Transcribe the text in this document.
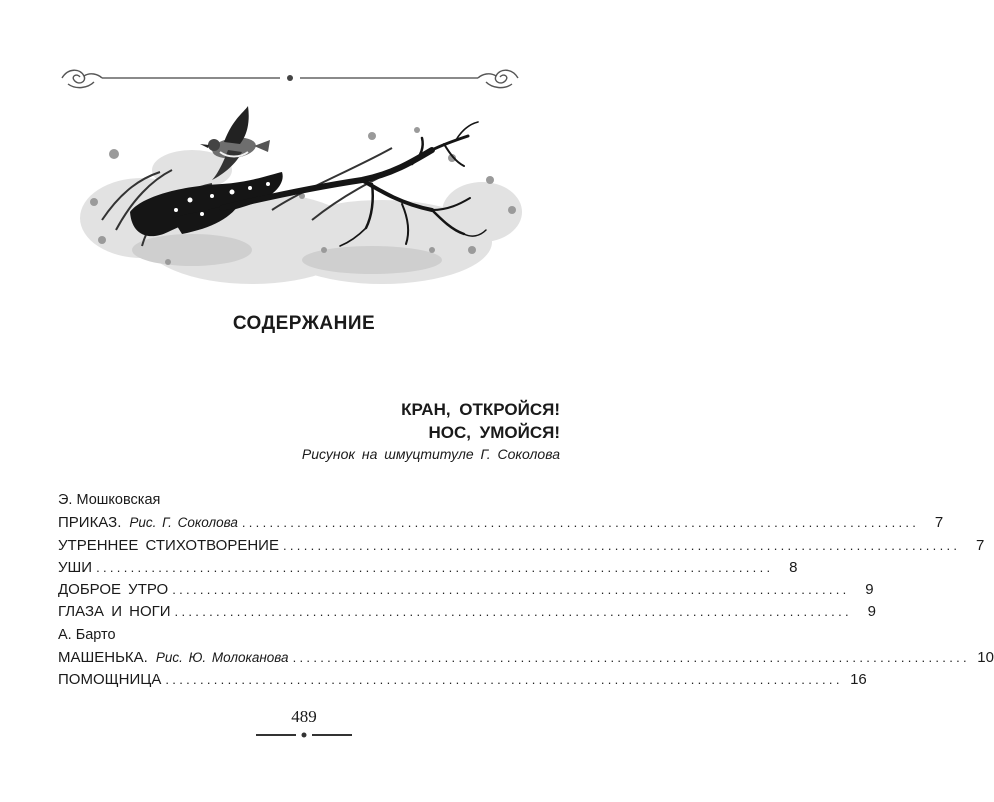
СОДЕРЖАНИЕ
КРАН, ОТКРОЙСЯ!
НОС, УМОЙСЯ!
Рисунок на шмуцтитуле Г. Соколова
Э. Мошковская
ПРИКАЗ. Рис. Г. Соколова ..................................................................................................	7
УТРЕННЕЕ СТИХОТВОРЕНИЕ ..................................................................................................	7
УШИ ..................................................................................................	8
ДОБРОЕ УТРО ..................................................................................................	9
ГЛАЗА И НОГИ ..................................................................................................	9
А. Барто
МАШЕНЬКА. Рис. Ю. Молоканова .................................................................................................. 10
ПОМОЩНИЦА .................................................................................................. 16
489
